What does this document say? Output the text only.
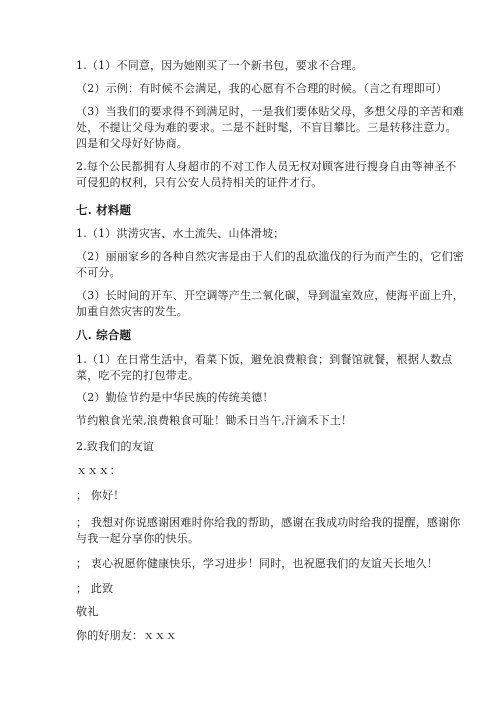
1.（1）不同意，因为她刚买了一个新书包，要求不合理。
（2）示例：有时候不会满足，我的心愿有不合理的时候。（言之有理即可）
（3）当我们的要求得不到满足时，一是我们要体贴父母，多想父母的辛苦和难
处，不提让父母为难的要求。二是不赶时髦，不盲目攀比。三是转移注意力。
四是和父母好好协商。
2.每个公民都拥有人身超市的不对工作人员无权对顾客进行搜身自由等神圣不
可侵犯的权利，只有公安人员持相关的证件才行。
七. 材料题
1.（1）洪涝灾害、水土流失、山体滑坡；
（2）丽丽家乡的各种自然灾害是由于人们的乱砍滥伐的行为而产生的，它们密
不可分。
（3）长时间的开车、开空调等产生二氧化碳，导到温室效应，使海平面上升，
加重自然灾害的发生。
八. 综合题
1.（1）在日常生活中，看菜下饭，避免浪费粮食；到餐馆就餐，根据人数点
菜，吃不完的打包带走。
（2）勤俭节约是中华民族的传统美德！
节约粮食光荣,浪费粮食可耻！锄禾日当午,汗滴禾下土！
2.致我们的友谊
ｘｘｘ：
； 你好！
； 我想对你说感谢困难时你给我的帮助，感谢在我成功时给我的提醒，感谢你
与我一起分享你的快乐。
； 衷心祝愿你健康快乐，学习进步！同时，也祝愿我们的友谊天长地久！
； 此致
敬礼
你的好朋友：ｘｘｘ
